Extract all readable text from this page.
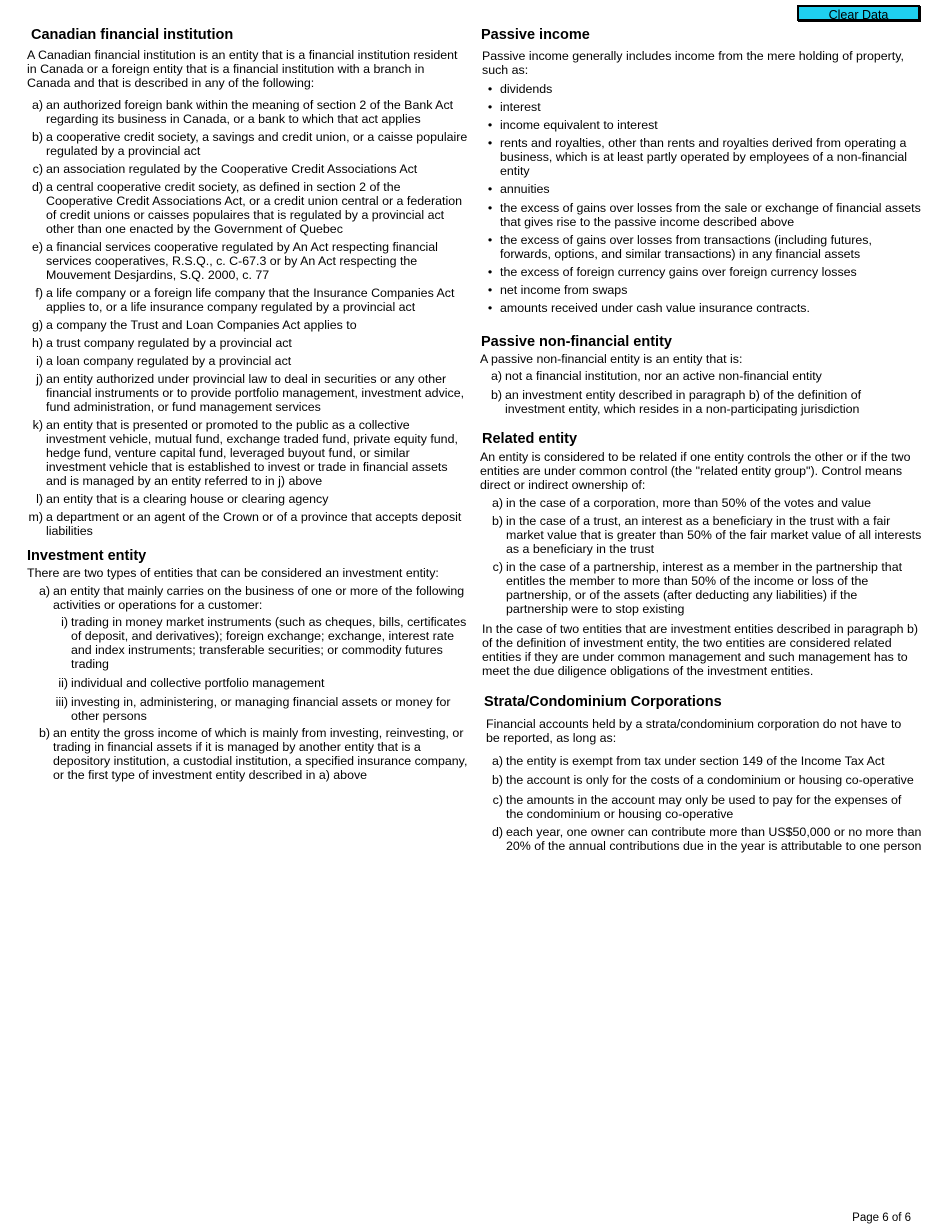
Clear Data
Canadian financial institution

A Canadian financial institution is an entity that is a financial institution resident in Canada or a foreign entity that is a financial institution with a branch in Canada and that is described in any of the following:

a) an authorized foreign bank within the meaning of section 2 of the Bank Act regarding its business in Canada, or a bank to which that act applies
b) a cooperative credit society, a savings and credit union, or a caisse populaire regulated by a provincial act
c) an association regulated by the Cooperative Credit Associations Act
d) a central cooperative credit society, as defined in section 2 of the Cooperative Credit Associations Act, or a credit union central or a federation of credit unions or caisses populaires that is regulated by a provincial act other than one enacted by the Government of Quebec
e) a financial services cooperative regulated by An Act respecting financial services cooperatives, R.S.Q., c. C-67.3 or by An Act respecting the Mouvement Desjardins, S.Q. 2000, c. 77
f) a life company or a foreign life company that the Insurance Companies Act applies to, or a life insurance company regulated by a provincial act
g) a company the Trust and Loan Companies Act applies to
h) a trust company regulated by a provincial act
i) a loan company regulated by a provincial act
j) an entity authorized under provincial law to deal in securities or any other financial instruments or to provide portfolio management, investment advice, fund administration, or fund management services
k) an entity that is presented or promoted to the public as a collective investment vehicle, mutual fund, exchange traded fund, private equity fund, hedge fund, venture capital fund, leveraged buyout fund, or similar investment vehicle that is established to invest or trade in financial assets and is managed by an entity referred to in j) above
l) an entity that is a clearing house or clearing agency
m) a department or an agent of the Crown or of a province that accepts deposit liabilities
Investment entity

There are two types of entities that can be considered an investment entity:

a) an entity that mainly carries on the business of one or more of the following activities or operations for a customer:
i) trading in money market instruments (such as cheques, bills, certificates of deposit, and derivatives); foreign exchange; exchange, interest rate and index instruments; transferable securities; or commodity futures trading
ii) individual and collective portfolio management
iii) investing in, administering, or managing financial assets or money for other persons
b) an entity the gross income of which is mainly from investing, reinvesting, or trading in financial assets if it is managed by another entity that is a depository institution, a custodial institution, a specified insurance company, or the first type of investment entity described in a) above
Passive income

Passive income generally includes income from the mere holding of property, such as:

• dividends
• interest
• income equivalent to interest
• rents and royalties, other than rents and royalties derived from operating a business, which is at least partly operated by employees of a non-financial entity
• annuities
• the excess of gains over losses from the sale or exchange of financial assets that gives rise to the passive income described above
• the excess of gains over losses from transactions (including futures, forwards, options, and similar transactions) in any financial assets
• the excess of foreign currency gains over foreign currency losses
• net income from swaps
• amounts received under cash value insurance contracts.
Passive non-financial entity

A passive non-financial entity is an entity that is:

a) not a financial institution, nor an active non-financial entity
b) an investment entity described in paragraph b) of the definition of investment entity, which resides in a non-participating jurisdiction
Related entity

An entity is considered to be related if one entity controls the other or if the two entities are under common control (the "related entity group"). Control means direct or indirect ownership of:

a) in the case of a corporation, more than 50% of the votes and value
b) in the case of a trust, an interest as a beneficiary in the trust with a fair market value that is greater than 50% of the fair market value of all interests as a beneficiary in the trust
c) in the case of a partnership, interest as a member in the partnership that entitles the member to more than 50% of the income or loss of the partnership, or of the assets (after deducting any liabilities) if the partnership were to stop existing

In the case of two entities that are investment entities described in paragraph b) of the definition of investment entity, the two entities are considered related entities if they are under common management and such management has to meet the due diligence obligations of the investment entities.

Strata/Condominium Corporations

Financial accounts held by a strata/condominium corporation do not have to be reported, as long as:

a) the entity is exempt from tax under section 149 of the Income Tax Act
b) the account is only for the costs of a condominium or housing co-operative
c) the amounts in the account may only be used to pay for the expenses of the condominium or housing co-operative
d) each year, one owner can contribute more than US$50,000 or no more than 20% of the annual contributions due in the year is attributable to one person
Page 6 of 6
